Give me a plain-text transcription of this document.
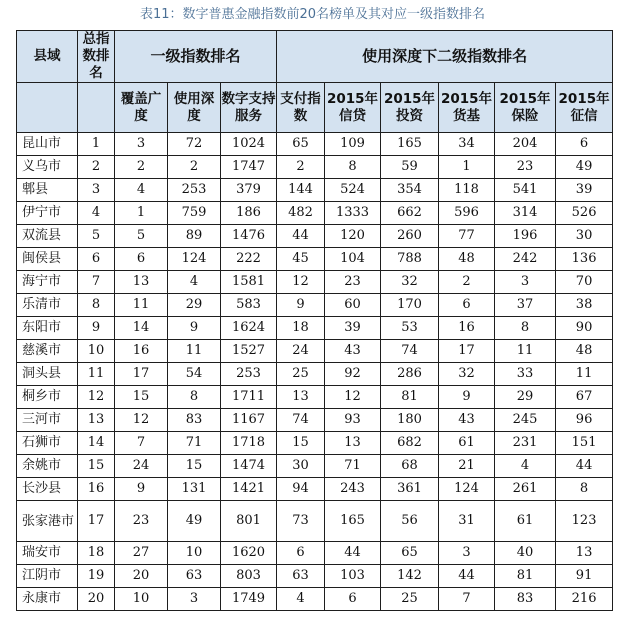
表11：数字普惠金融指数前20名榜单及其对应一级指数排名
县域	总指数排名	一级指数排名			使用深度下二级指数排名					
		覆盖广度	使用深度	数字支持服务	支付指数	2015年信贷	2015年投资	2015年货基	2015年保险	2015年征信
昆山市	1	3	72	1024	65	109	165	34	204	6
义乌市	2	2	2	1747	2	8	59	1	23	49
郫县	3	4	253	379	144	524	354	118	541	39
伊宁市	4	1	759	186	482	1333	662	596	314	526
双流县	5	5	89	1476	44	120	260	77	196	30
闽侯县	6	6	124	222	45	104	788	48	242	136
海宁市	7	13	4	1581	12	23	32	2	3	70
乐清市	8	11	29	583	9	60	170	6	37	38
东阳市	9	14	9	1624	18	39	53	16	8	90
慈溪市	10	16	11	1527	24	43	74	17	11	48
洞头县	11	17	54	253	25	92	286	32	33	11
桐乡市	12	15	8	1711	13	12	81	9	29	67
三河市	13	12	83	1167	74	93	180	43	245	96
石狮市	14	7	71	1718	15	13	682	61	231	151
余姚市	15	24	15	1474	30	71	68	21	4	44
长沙县	16	9	131	1421	94	243	361	124	261	8
张家港市	17	23	49	801	73	165	56	31	61	123
瑞安市	18	27	10	1620	6	44	65	3	40	13
江阴市	19	20	63	803	63	103	142	44	81	91
永康市	20	10	3	1749	4	6	25	7	83	216
